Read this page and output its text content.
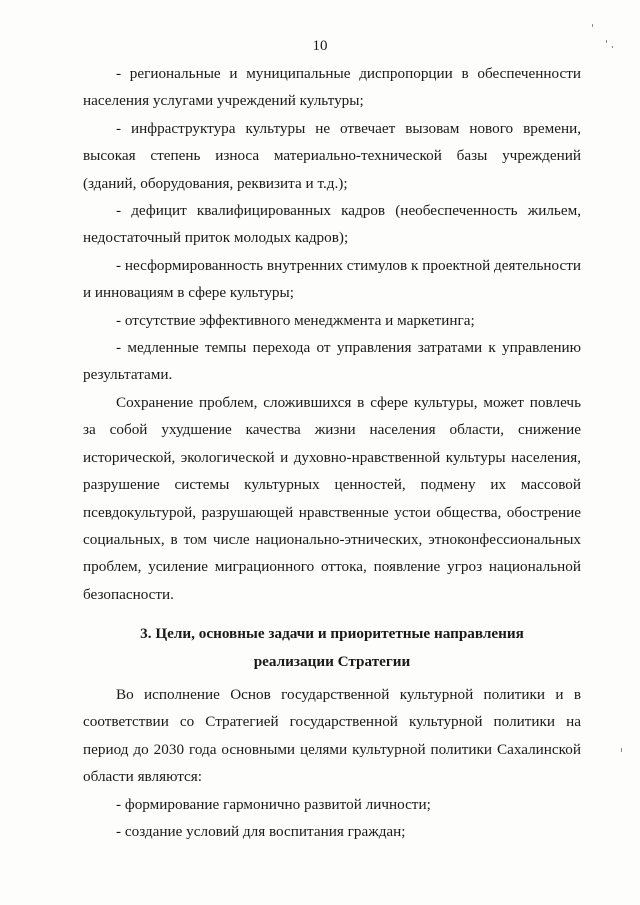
10

- региональные и муниципальные диспропорции в обеспеченности населения услугами учреждений культуры;

- инфраструктура культуры не отвечает вызовам нового времени, высокая степень износа материально-технической базы учреждений (зданий, оборудования, реквизита и т.д.);

- дефицит квалифицированных кадров (необеспеченность жильем, недостаточный приток молодых кадров);

- несформированность внутренних стимулов к проектной деятельности и инновациям в сфере культуры;

- отсутствие эффективного менеджмента и маркетинга;

- медленные темпы перехода от управления затратами к управлению результатами.

Сохранение проблем, сложившихся в сфере культуры, может повлечь за собой ухудшение качества жизни населения области, снижение исторической, экологической и духовно-нравственной культуры населения, разрушение системы культурных ценностей, подмену их массовой псевдокультурой, разрушающей нравственные устои общества, обострение социальных, в том числе национально-этнических, этноконфессиональных проблем, усиление миграционного оттока, появление угроз национальной безопасности.

3. Цели, основные задачи и приоритетные направления
реализации Стратегии

Во исполнение Основ государственной культурной политики и в соответствии со Стратегией государственной культурной политики на период до 2030 года основными целями культурной политики Сахалинской области являются:

- формирование гармонично развитой личности;

- создание условий для воспитания граждан;
